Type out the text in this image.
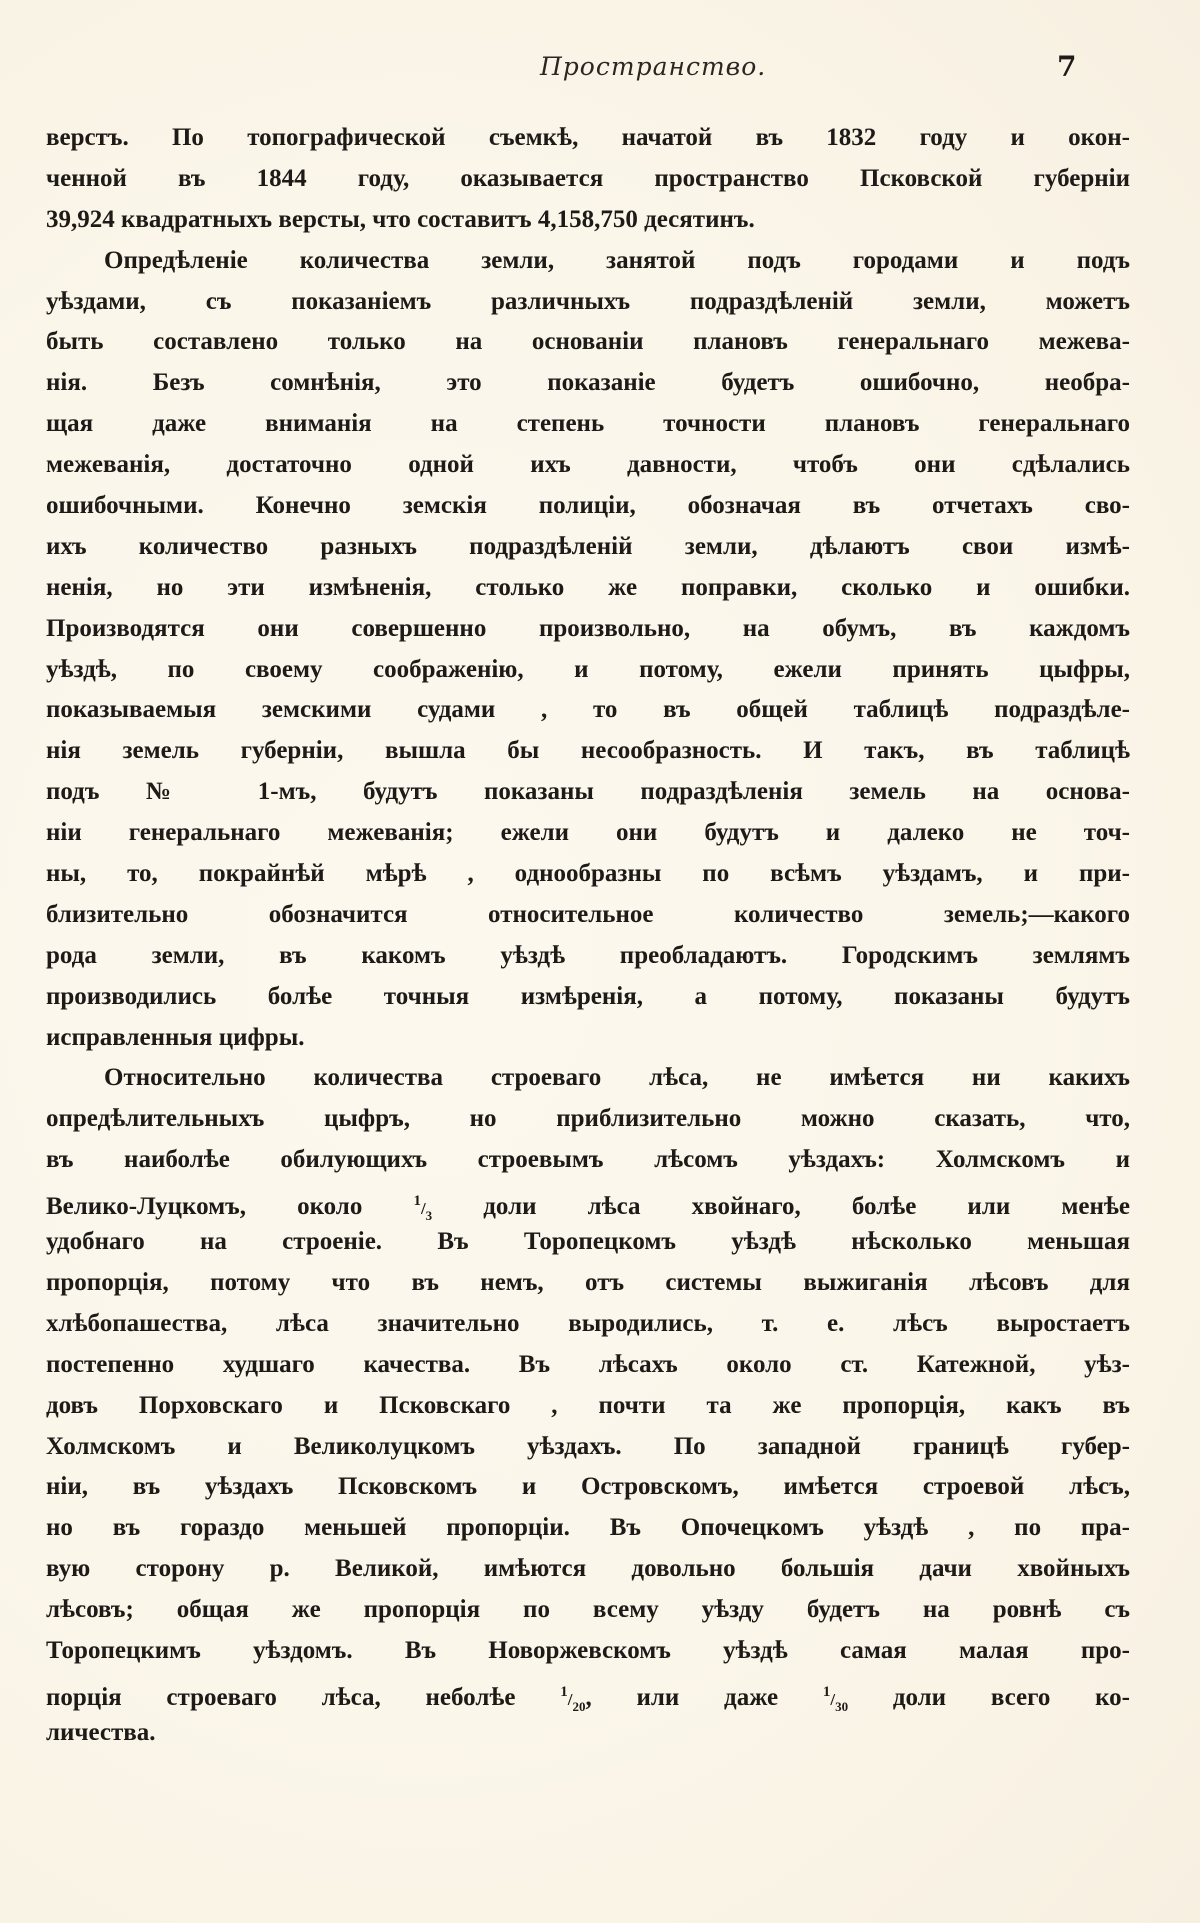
Пространство.	7
верстъ. По топографической съемкѣ, начатой въ 1832 году и окон-
ченной въ 1844 году, оказывается пространство Псковской губерніи
39,924 квадратныхъ версты, что составитъ 4,158,750 десятинъ.
Опредѣленіе количества земли, занятой подъ городами и подъ
уѣздами, съ показаніемъ различныхъ подраздѣленій земли, можетъ
быть составлено только на основаніи плановъ генеральнаго межева-
нія. Безъ сомнѣнія, это показаніе будетъ ошибочно, необра-
щая даже вниманія на степень точности плановъ генеральнаго
межеванія, достаточно одной ихъ давности, чтобъ они сдѣлались
ошибочными. Конечно земскія полиціи, обозначая въ отчетахъ сво-
ихъ количество разныхъ подраздѣленій земли, дѣлаютъ свои измѣ-
ненія, но эти измѣненія, столько же поправки, сколько и ошибки.
Производятся они совершенно произвольно, на обумъ, въ каждомъ
уѣздѣ, по своему соображенію, и потому, ежели принять цыфры,
показываемыя земскими судами , то въ общей таблицѣ подраздѣле-
нія земель губерніи, вышла бы несообразность. И такъ, въ таблицѣ
подъ № 1-мъ, будутъ показаны подраздѣленія земель на основа-
ніи генеральнаго межеванія; ежели они будутъ и далеко не точ-
ны, то, покрайнѣй мѣрѣ , однообразны по всѣмъ уѣздамъ, и при-
близительно обозначится относительное количество земель;—какого
рода земли, въ какомъ уѣздѣ преобладаютъ. Городскимъ землямъ
производились болѣе точныя измѣренія, а потому, показаны будутъ
исправленныя цифры.
Относительно количества строеваго лѣса, не имѣется ни какихъ
опредѣлительныхъ цыфръ, но приблизительно можно сказать, что,
въ наиболѣе обилующихъ строевымъ лѣсомъ уѣздахъ: Холмскомъ и
Велико-Луцкомъ, около $^1/_3$ доли лѣса хвойнаго, болѣе или менѣе
удобнаго на строеніе. Въ Торопецкомъ уѣздѣ нѣсколько меньшая
пропорція, потому что въ немъ, отъ системы выжиганія лѣсовъ для
хлѣбопашества, лѣса значительно выродились, т. е. лѣсъ выростаетъ
постепенно худшаго качества. Въ лѣсахъ около ст. Катежной, уѣз-
довъ Порховскаго и Псковскаго , почти та же пропорція, какъ въ
Холмскомъ и Великолуцкомъ уѣздахъ. По западной границѣ губер-
ніи, въ уѣздахъ Псковскомъ и Островскомъ, имѣется строевой лѣсъ,
но въ гораздо меньшей пропорціи. Въ Опочецкомъ уѣздѣ , по пра-
вую сторону р. Великой, имѣются довольно большія дачи хвойныхъ
лѣсовъ; общая же пропорція по всему уѣзду будетъ на ровнѣ съ
Торопецкимъ уѣздомъ. Въ Новоржевскомъ уѣздѣ самая малая про-
порція строеваго лѣса, неболѣе $^1/_{20}$, или даже $^1/_{30}$ доли всего ко-
личества.
